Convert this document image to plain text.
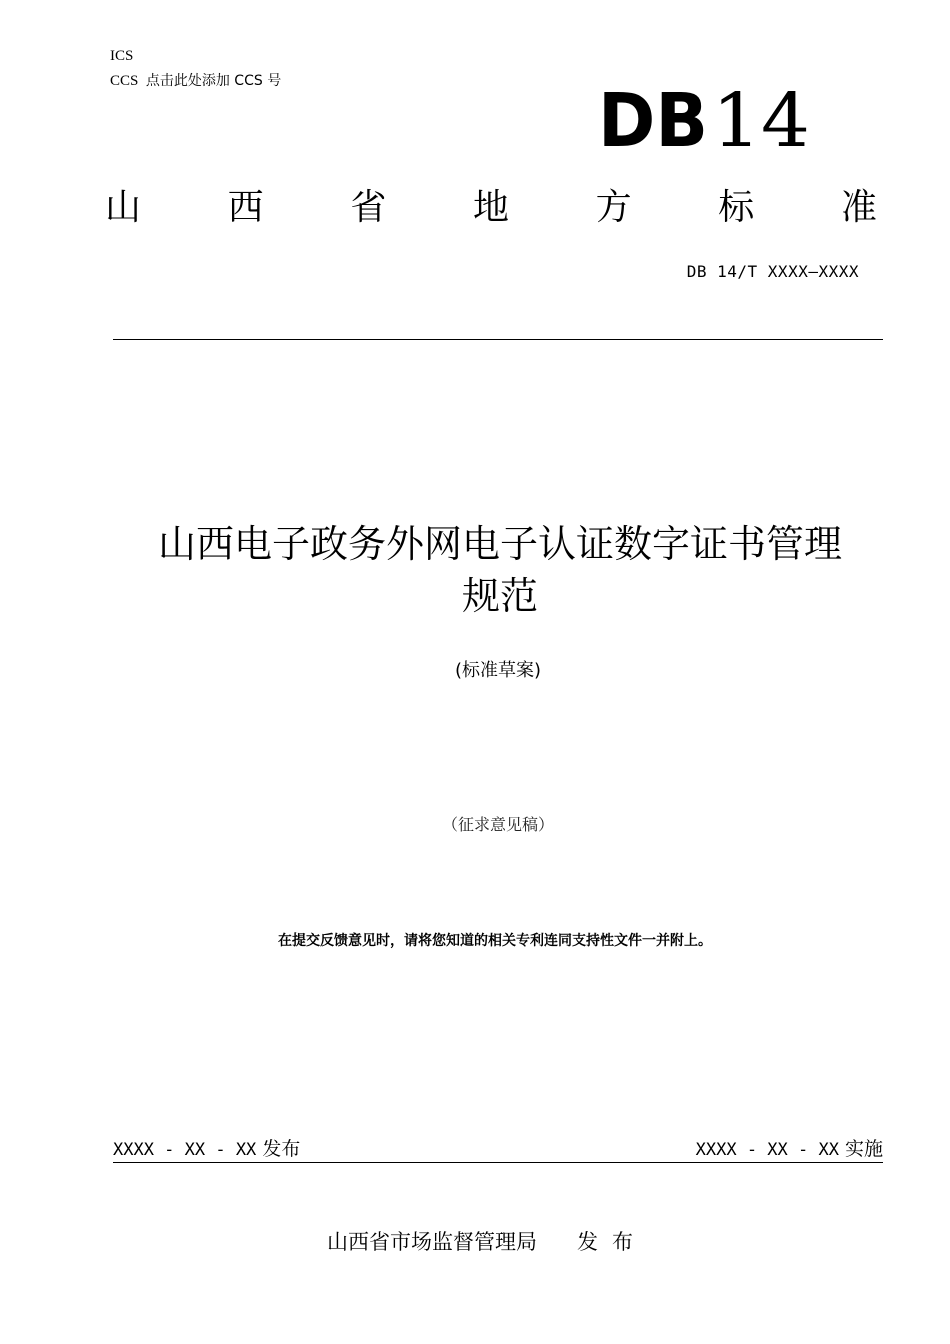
ICS
CCS 点击此处添加 CCS 号	DB 14
山 西 省 地 方 标 准
DB 14/T XXXX—XXXX
山西电子政务外网电子认证数字证书管理
规范
(标准草案)
（征求意见稿）
在提交反馈意见时，请将您知道的相关专利连同支持性文件一并附上。
XXXX - XX - XX 发布	XXXX - XX - XX 实施
山西省市场监督管理局 发布
